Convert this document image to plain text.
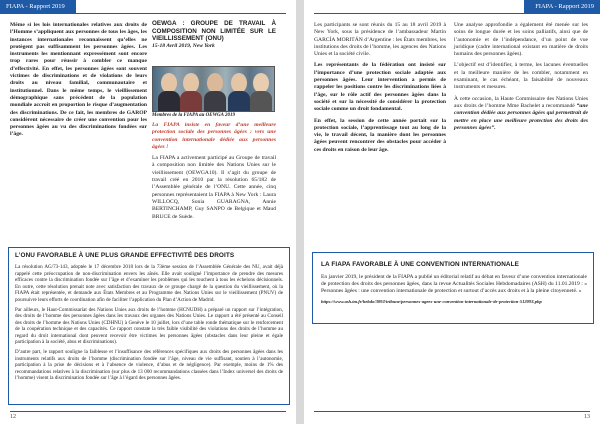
FIAPA - Rapport 2019

Même si les lois internationales relatives aux droits de l’Homme s’appliquent aux personnes de tous les âges, les instances internationales reconnaissent qu’elles ne protègent pas suffisamment les personnes âgées. Les instruments les mentionnant expressément sont encore trop rares pour réussir à combler ce manque d’effectivité. En effet, les personnes âgées sont souvent victimes de discriminations et de violations de leurs droits au niveau familial, communautaire et institutionnel. Dans le même temps, le vieillissement démographique sans précédent de la population mondiale accroît en proportion le risque d’augmentation des discriminations. De ce fait, les membres de GAROP considèrent nécessaire de créer une convention pour les personnes âgées au vu des discriminations fondées sur l’âge.

OEWGA : GROUPE DE TRAVAIL À COMPOSITION NON LIMITÉE SUR LE VIEILLISSEMENT (ONU)
15-18 Avril 2019, New York
Membres de la FIAPA au OEWGA 2019

La FIAPA insiste en faveur d’une meilleure protection sociale des personnes âgées : vers une convention internationale dédiée aux personnes âgées !

La FIAPA a activement participé au Groupe de travail à composition non limitée des Nations Unies sur le vieillissement (OEWGA10). Il s’agit du groupe de travail créé en 2010 par la résolution 65/182 de l’Assemblée générale de l’ONU. Cette année, cinq personnes représentaient la FIAPA à New York : Laura WILLOCQ, Sonia GUARAGNA, Annie BERTINCHAMP, Guy SANPO de Belgique et Maud BRUCE de Suède.

L’ONU FAVORABLE À UNE PLUS GRANDE EFFECTIVITÉ DES DROITS

La résolution AG/73-143, adoptée le 17 décembre 2018 lors de la 73ème session de l’Assemblée Générale des NU, avait déjà rappelé cette préoccupation de non-discrimination envers les aînés. Elle avait souligné l’importance de prendre des mesures efficaces contre la discrimination fondée sur l’âge et d’examiner les problèmes qui les touchent à tous les échelons décisionnels. En outre, cette résolution prenait note avec satisfaction des travaux de ce groupe chargé de la question du vieillissement, où la FIAPA était représentée, et demande aux États Membres et au Programme des Nations Unies sur le vieillissement (PNUV) de poursuivre leurs efforts de coordination afin de faciliter l’application du Plan d’Action de Madrid.

Par ailleurs, le Haut-Commissariat des Nations Unies aux droits de l’homme (HCNUDH) a préparé un rapport sur l’intégration, des droits de l’homme des personnes âgées dans les travaux des organes des Nations Unies. Le rapport a été présenté au Conseil des droits de l’homme des Nations Unies (CDHNU) à Genève le 10 juillet, lors d’une table ronde thématique sur le renforcement de la coopération technique et des capacités. Ce rapport constate la très faible visibilité des violations des droits de l’homme au regard du droit international dont peuvent recevoir être victimes les personnes âgées (obstacles dans leur pleine et égale participation à la société, abus et discriminations).

D’autre part, le rapport souligne la faiblesse et l’insuffisance des références spécifiques aux droits des personnes âgées dans les instruments relatifs aux droits de l’homme (discrimination fondée sur l’âge, niveau de vie suffisant, soutien à l’autonomie, participation à la prise de décisions et à l’absence de violence, d’abus et de négligence). Par exemple, moins de 1% des recommandations relatives à la discrimination (sur plus de 13 000 recommandations classées dans l’Index universel des droits de l’homme) visent la discrimination fondée sur l’âge à l’égard des personnes âgées.

12
FIAPA - Rapport 2019

Les participants se sont réunis du 15 au 18 avril 2019 à New York, sous la présidence de l’ambassadeur Martín GARCÍA MORITÁN d’Argentine : les États membres, les institutions des droits de l’homme, les agences des Nations Unies et la société civile.

Les représentants de la fédération ont insisté sur l’importance d’une protection sociale adaptée aux personnes âgées. Leur intervention a permis de rappeler les positions contre les discriminations liées à l’âge, sur le rôle actif des personnes âgées dans la société et sur la nécessité de considérer la protection sociale comme un droit fondamental.

En effet, la session de cette année portait sur la protection sociale, l’apprentissage tout au long de la vie, le travail décent, la manière dont les personnes âgées peuvent rencontrer des obstacles pour accéder à ces droits en raison de leur âge.

Une analyse approfondie a également été menée sur les soins de longue durée et les soins palliatifs, ainsi que de l’autonomie et de l’indépendance, d’un point de vue juridique (cadre international existant en matière de droits humains des personnes âgées).

L’objectif est d’identifier, à terme, les lacunes éventuelles et la meilleure manière de les combler, notamment en examinant, le cas échéant, la faisabilité de nouveaux instruments et mesures.

À cette occasion, la Haute Commissaire des Nations Unies aux droits de l’homme Mme Bachelet a recommandé “une convention dédiée aux personnes âgées qui permettrait de mettre en place une meilleure protection des droits des personnes âgées”.

LA FIAPA FAVORABLE À UNE CONVENTION INTERNATIONALE

En janvier 2019, le président de la FIAPA a publié un éditorial relatif au débat en faveur d’une convention internationale de protection des droits des personnes âgées, dans la revue Actualités Sociales Hebdomadaires (ASH) du 11.01.2019 : « Personnes âgées : une convention internationale de protection et surtout d’accès aux droits et à la pleine citoyenneté. »

https://www.ash.tm.fr/hebdo/3092/tribune/personnes-agees-une-convention-internationale-de-protection-512093.php

13
